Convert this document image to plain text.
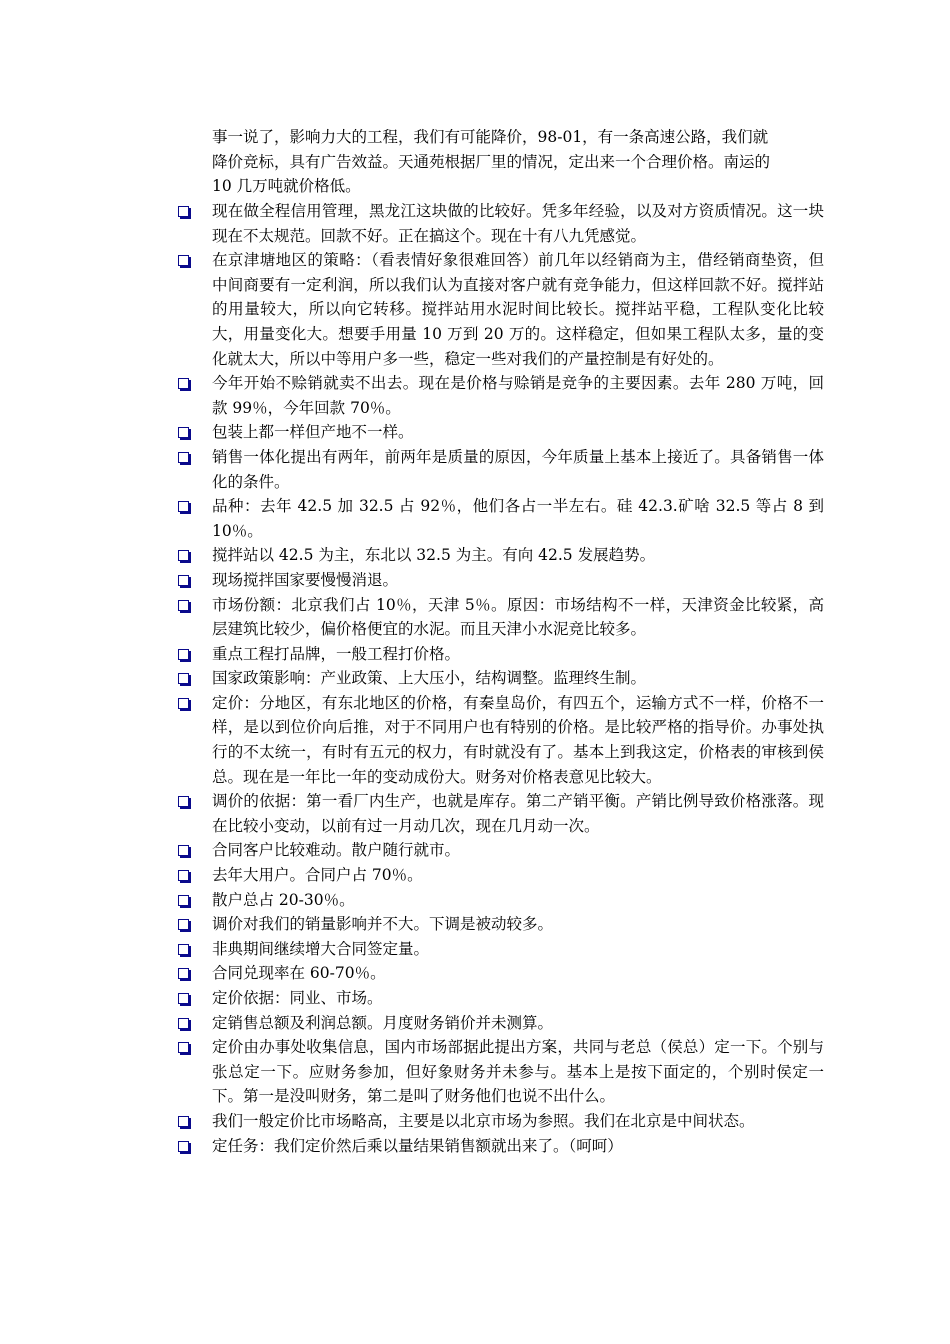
事一说了，影响力大的工程，我们有可能降价，98-01，有一条高速公路，我们就

降价竞标，具有广告效益。天通苑根据厂里的情况，定出来一个合理价格。南运的

10 几万吨就价格低。

现在做全程信用管理，黑龙江这块做的比较好。凭多年经验，以及对方资质情况。这一块现在不太规范。回款不好。正在搞这个。现在十有八九凭感觉。
在京津塘地区的策略：（看表情好象很难回答）前几年以经销商为主，借经销商垫资，但中间商要有一定利润，所以我们认为直接对客户就有竞争能力，但这样回款不好。搅拌站的用量较大，所以向它转移。搅拌站用水泥时间比较长。搅拌站平稳，工程队变化比较大，用量变化大。想要手用量 10 万到 20 万的。这样稳定，但如果工程队太多，量的变化就太大，所以中等用户多一些，稳定一些对我们的产量控制是有好处的。
今年开始不赊销就卖不出去。现在是价格与赊销是竞争的主要因素。去年 280 万吨，回款 99％，今年回款 70％。
包装上都一样但产地不一样。
销售一体化提出有两年，前两年是质量的原因，今年质量上基本上接近了。具备销售一体化的条件。
品种：去年 42.5 加 32.5 占 92％，他们各占一半左右。硅 42.3.矿啥 32.5 等占 8 到 10％。
搅拌站以 42.5 为主，东北以 32.5 为主。有向 42.5 发展趋势。
现场搅拌国家要慢慢消退。
市场份额：北京我们占 10％，天津 5％。原因：市场结构不一样，天津资金比较紧，高层建筑比较少，偏价格便宜的水泥。而且天津小水泥竞比较多。
重点工程打品牌，一般工程打价格。
国家政策影响：产业政策、上大压小，结构调整。监理终生制。
定价：分地区，有东北地区的价格，有秦皇岛价，有四五个，运输方式不一样，价格不一样，是以到位价向后推，对于不同用户也有特别的价格。是比较严格的指导价。办事处执行的不太统一，有时有五元的权力，有时就没有了。基本上到我这定，价格表的审核到侯总。现在是一年比一年的变动成份大。财务对价格表意见比较大。
调价的依据：第一看厂内生产，也就是库存。第二产销平衡。产销比例导致价格涨落。现在比较小变动，以前有过一月动几次，现在几月动一次。
合同客户比较难动。散户随行就市。
去年大用户。合同户占 70％。
散户总占 20-30％。
调价对我们的销量影响并不大。下调是被动较多。
非典期间继续增大合同签定量。
合同兑现率在 60-70％。
定价依据：同业、市场。
定销售总额及利润总额。月度财务销价并未测算。
定价由办事处收集信息，国内市场部据此提出方案，共同与老总（侯总）定一下。个别与张总定一下。应财务参加，但好象财务并未参与。基本上是按下面定的，个别时侯定一下。第一是没叫财务，第二是叫了财务他们也说不出什么。
我们一般定价比市场略高，主要是以北京市场为参照。我们在北京是中间状态。
定任务：我们定价然后乘以量结果销售额就出来了。（呵呵）
